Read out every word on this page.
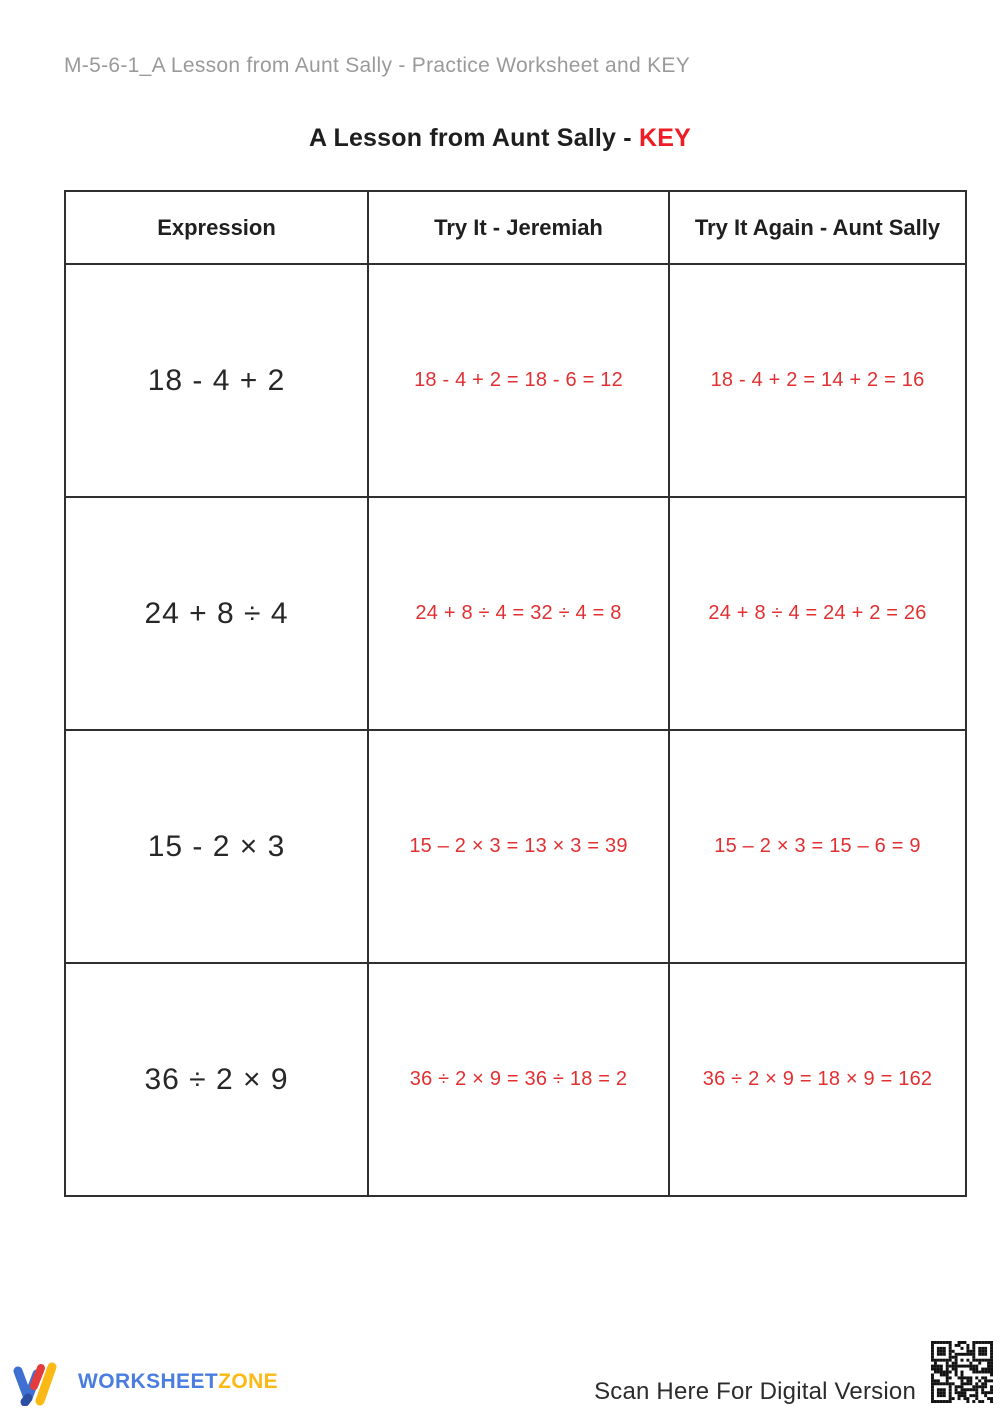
M-5-6-1_A Lesson from Aunt Sally - Practice Worksheet and KEY
A Lesson from Aunt Sally - KEY
Expression	Try It - Jeremiah	Try It Again - Aunt Sally
18 - 4 + 2	18 - 4 + 2 = 18 - 6 = 12	18 - 4 + 2 = 14 + 2 = 16
24 + 8 ÷ 4	24 + 8 ÷ 4 = 32 ÷ 4 = 8	24 + 8 ÷ 4 = 24 + 2 = 26
15 - 2 × 3	15 – 2 × 3 = 13 × 3 = 39	15 – 2 × 3 = 15 – 6 = 9
36 ÷ 2 × 9	36 ÷ 2 × 9 = 36 ÷ 18 = 2	36 ÷ 2 × 9 = 18 × 9 = 162
WORKSHEETZONE	Scan Here For Digital Version
